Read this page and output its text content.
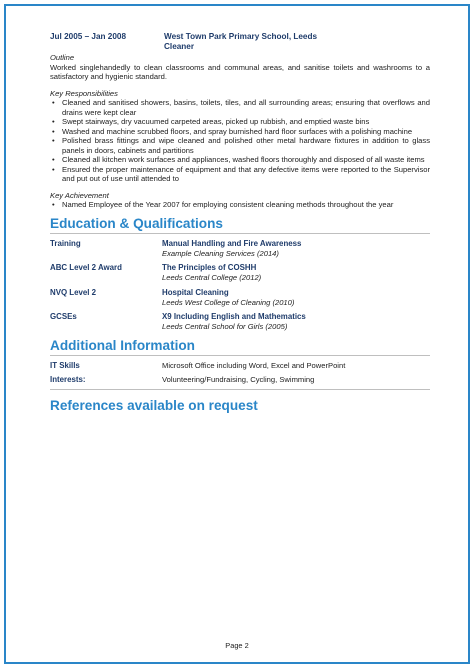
Jul 2005 – Jan 2008	West Town Park Primary School, Leeds
Cleaner
Outline
Worked singlehandedly to clean classrooms and communal areas, and sanitise toilets and washrooms to a satisfactory and hygienic standard.
Key Responsibilities
• Cleaned and sanitised showers, basins, toilets, tiles, and all surrounding areas; ensuring that overflows and drains were kept clear
• Swept stairways, dry vacuumed carpeted areas, picked up rubbish, and emptied waste bins
• Washed and machine scrubbed floors, and spray burnished hard floor surfaces with a polishing machine
• Polished brass fittings and wipe cleaned and polished other metal hardware fixtures in addition to glass panels in doors, cabinets and partitions
• Cleaned all kitchen work surfaces and appliances, washed floors thoroughly and disposed of all waste items
• Ensured the proper maintenance of equipment and that any defective items were reported to the Supervisor and put out of use until attended to
Key Achievement
• Named Employee of the Year 2007 for employing consistent cleaning methods throughout the year
Education & Qualifications
Training	Manual Handling and Fire Awareness
Example Cleaning Services (2014)
ABC Level 2 Award	The Principles of COSHH
Leeds Central College (2012)
NVQ Level 2	Hospital Cleaning
Leeds West College of Cleaning (2010)
GCSEs	X9 Including English and Mathematics
Leeds Central School for Girls (2005)
Additional Information
IT Skills	Microsoft Office including Word, Excel and PowerPoint
Interests:	Volunteering/Fundraising, Cycling, Swimming
References available on request
Page 2
